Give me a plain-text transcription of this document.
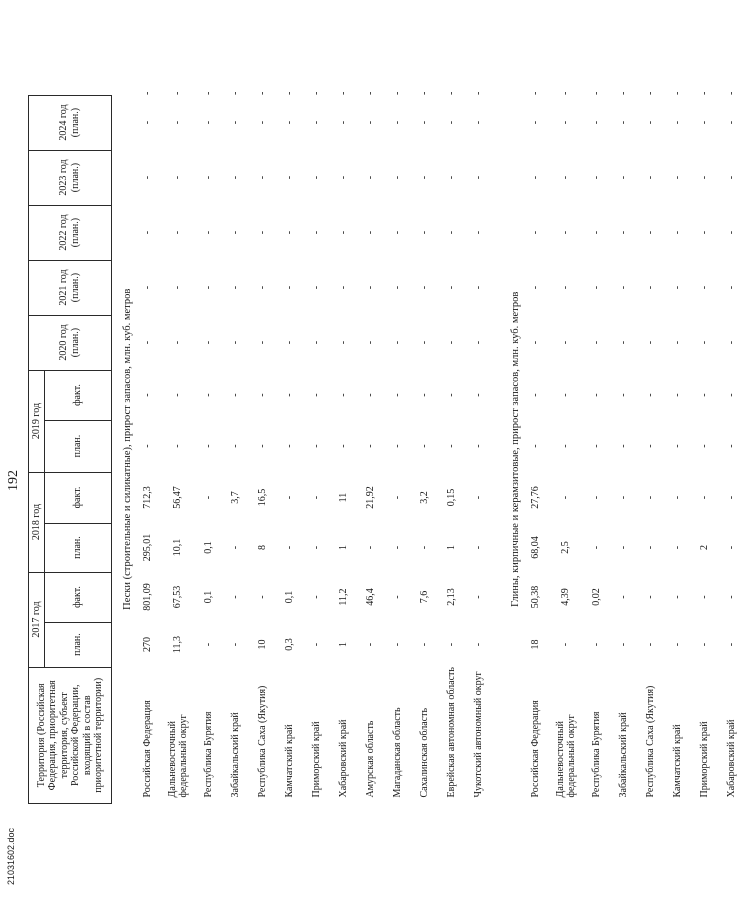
21031602.doc
192
Территория (Российская Федерация, приоритетная территория, субъект Российской Федерации, входящий в состав приоритетной территории)	2017 год		2018 год		2019 год		2020 год (план.)	2021 год (план.)	2022 год (план.)	2023 год (план.)	2024 год (план.)	
	план.	факт.	план.	факт.	план.	факт.						
Пески (строительные и силикатные), прирост запасов, млн. куб. метров												
Российская Федерация	270	801,09	295,01	712,3	-	-	-	-	-	-	-	-
Дальневосточный федеральный округ	11,3	67,53	10,1	56,47	-	-	-	-	-	-	-	-
Республика Бурятия	-	0,1	0,1	-	-	-	-	-	-	-	-	-
Забайкальский край	-	-	-	3,7	-	-	-	-	-	-	-	-
Республика Саха (Якутия)	10	-	8	16,5	-	-	-	-	-	-	-	-
Камчатский край	0,3	0,1	-	-	-	-	-	-	-	-	-	-
Приморский край	-	-	-	-	-	-	-	-	-	-	-	-
Хабаровский край	1	11,2	1	11	-	-	-	-	-	-	-	-
Амурская область	-	46,4	-	21,92	-	-	-	-	-	-	-	-
Магаданская область	-	-	-	-	-	-	-	-	-	-	-	-
Сахалинская область	-	7,6	-	3,2	-	-	-	-	-	-	-	-
Еврейская автономная область	-	2,13	1	0,15	-	-	-	-	-	-	-	-
Чукотский автономный округ	-	-	-	-	-	-	-	-	-	-	-	-

Глины, кирпичные и керамзитовые, прирост запасов, млн. куб. метров												
Российская Федерация	18	50,38	68,04	27,76	-	-	-	-	-	-	-	-
Дальневосточный федеральный округ	-	4,39	2,5	-	-	-	-	-	-	-	-	-
Республика Бурятия	-	0,02	-	-	-	-	-	-	-	-	-	-
Забайкальский край	-	-	-	-	-	-	-	-	-	-	-	-
Республика Саха (Якутия)	-	-	-	-	-	-	-	-	-	-	-	-
Камчатский край	-	-	-	-	-	-	-	-	-	-	-	-
Приморский край	-	-	2	-	-	-	-	-	-	-	-	-
Хабаровский край	-	-	-	-	-	-	-	-	-	-	-	-
